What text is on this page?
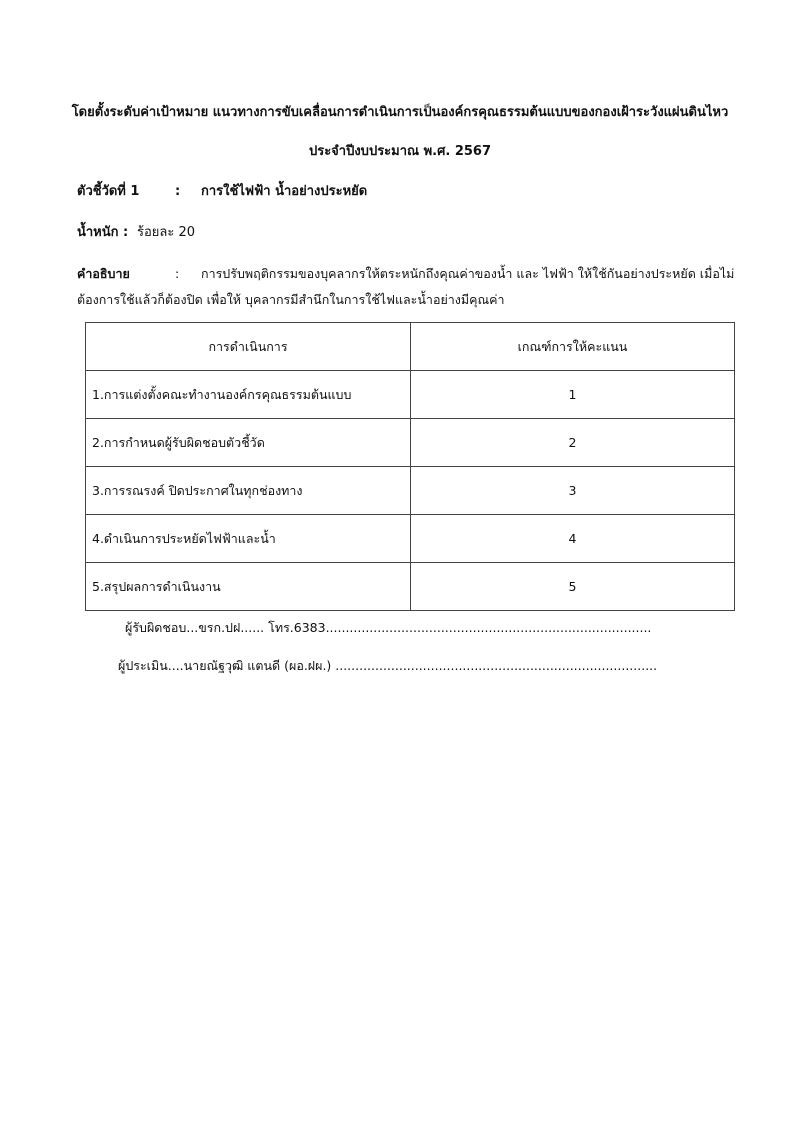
โดยตั้งระดับค่าเป้าหมาย แนวทางการขับเคลื่อนการดำเนินการเป็นองค์กรคุณธรรมต้นแบบของกองเฝ้าระวังแผ่นดินไหว
ประจำปีงบประมาณ พ.ศ. 2567
ตัวชี้วัดที่ 1	: การใช้ไฟฟ้า น้ำอย่างประหยัด
น้ำหนัก : ร้อยละ 20
คำอธิบาย	: การปรับพฤติกรรมของบุคลากรให้ตระหนักถึงคุณค่าของน้ำ และ ไฟฟ้า ให้ใช้กันอย่างประหยัด เมื่อไม่ต้องการใช้แล้วก็ต้องปิด เพื่อให้ บุคลากรมีสำนึกในการใช้ไฟและน้ำอย่างมีคุณค่า
การดำเนินการ	เกณฑ์การให้คะแนน
1.การแต่งตั้งคณะทำงานองค์กรคุณธรรมต้นแบบ	1
2.การกำหนดผู้รับผิดชอบตัวชี้วัด	2
3.การรณรงค์ ปิดประกาศในทุกช่องทาง	3
4.ดำเนินการประหยัดไฟฟ้าและน้ำ	4
5.สรุปผลการดำเนินงาน	5
ผู้รับผิดชอบ...ขรก.ปฝ...... โทร.6383..................................................................................
ผู้ประเมิน....นายณัฐวุฒิ แตนดี (ผอ.ฝผ.) .................................................................................
